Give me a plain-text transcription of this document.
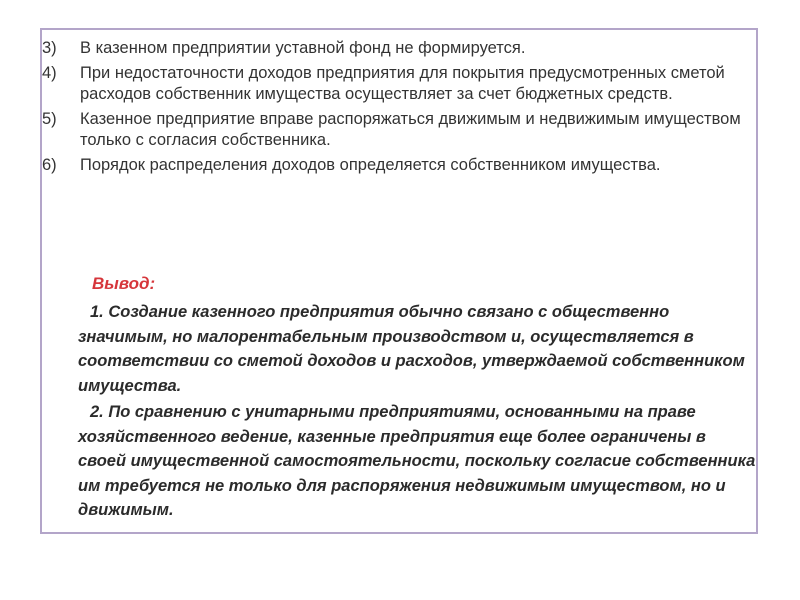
3) В казенном предприятии уставной фонд не формируется.
4) При недостаточности доходов предприятия для покрытия предусмотренных сметой расходов собственник имущества осуществляет за счет бюджетных средств.
5) Казенное предприятие вправе распоряжаться движимым и недвижимым имуществом только с согласия собственника.
6) Порядок распределения доходов определяется собственником имущества.
Вывод:

1. Создание казенного предприятия обычно связано с общественно значимым, но малорентабельным производством и, осуществляется в соответствии со сметой доходов и расходов, утверждаемой собственником имущества.

2. По сравнению с унитарными предприятиями, основанными на праве хозяйственного ведение, казенные предприятия еще более ограничены в своей имущественной самостоятельности, поскольку согласие собственника им требуется не только для распоряжения недвижимым имуществом, но и движимым.
